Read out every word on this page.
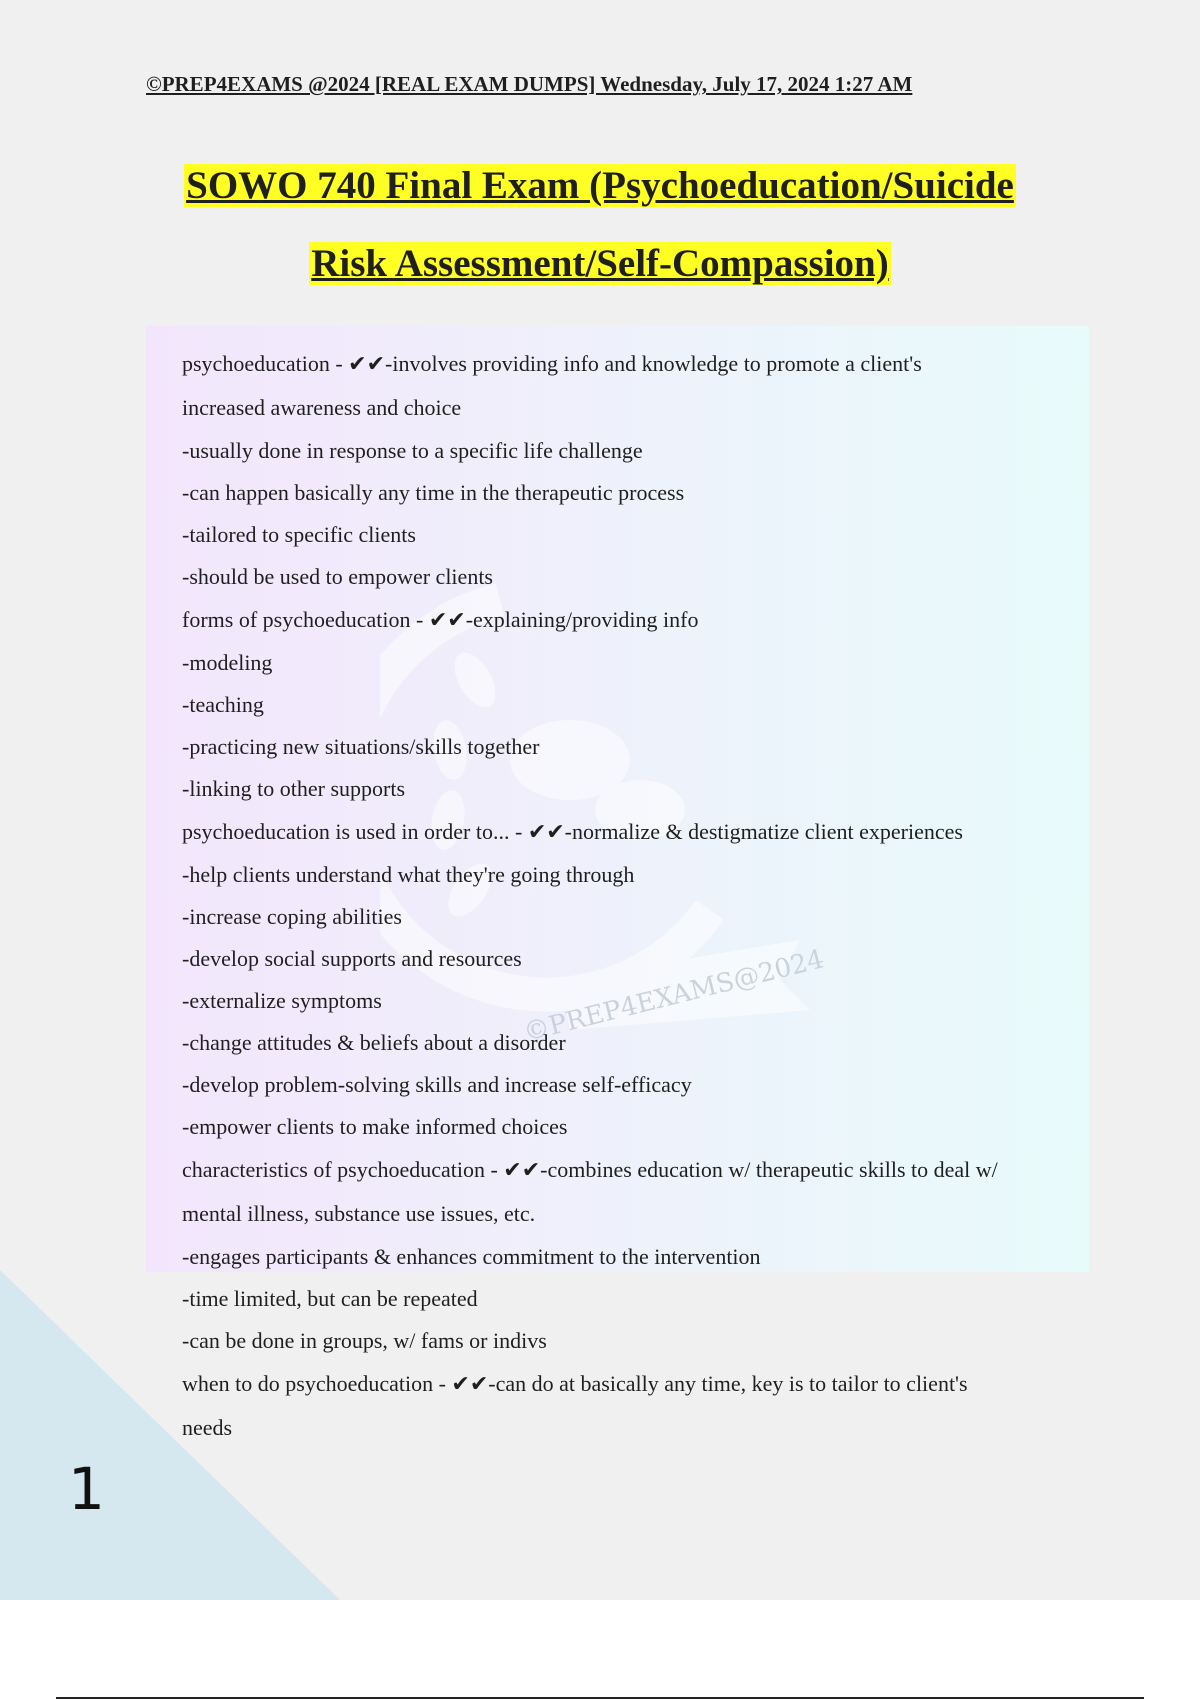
©PREP4EXAMS @2024 [REAL EXAM DUMPS] Wednesday, July 17, 2024 1:27 AM
SOWO 740 Final Exam (Psychoeducation/Suicide
Risk Assessment/Self-Compassion)
©PREP4EXAMS@2024
psychoeducation - ✔✔-involves providing info and knowledge to promote a client's
increased awareness and choice
-usually done in response to a specific life challenge
-can happen basically any time in the therapeutic process
-tailored to specific clients
-should be used to empower clients
forms of psychoeducation - ✔✔-explaining/providing info
-modeling
-teaching
-practicing new situations/skills together
-linking to other supports
psychoeducation is used in order to... - ✔✔-normalize & destigmatize client experiences
-help clients understand what they're going through
-increase coping abilities
-develop social supports and resources
-externalize symptoms
-change attitudes & beliefs about a disorder
-develop problem-solving skills and increase self-efficacy
-empower clients to make informed choices
characteristics of psychoeducation - ✔✔-combines education w/ therapeutic skills to deal w/
mental illness, substance use issues, etc.
-engages participants & enhances commitment to the intervention
-time limited, but can be repeated
-can be done in groups, w/ fams or indivs
when to do psychoeducation - ✔✔-can do at basically any time, key is to tailor to client's
needs
1
